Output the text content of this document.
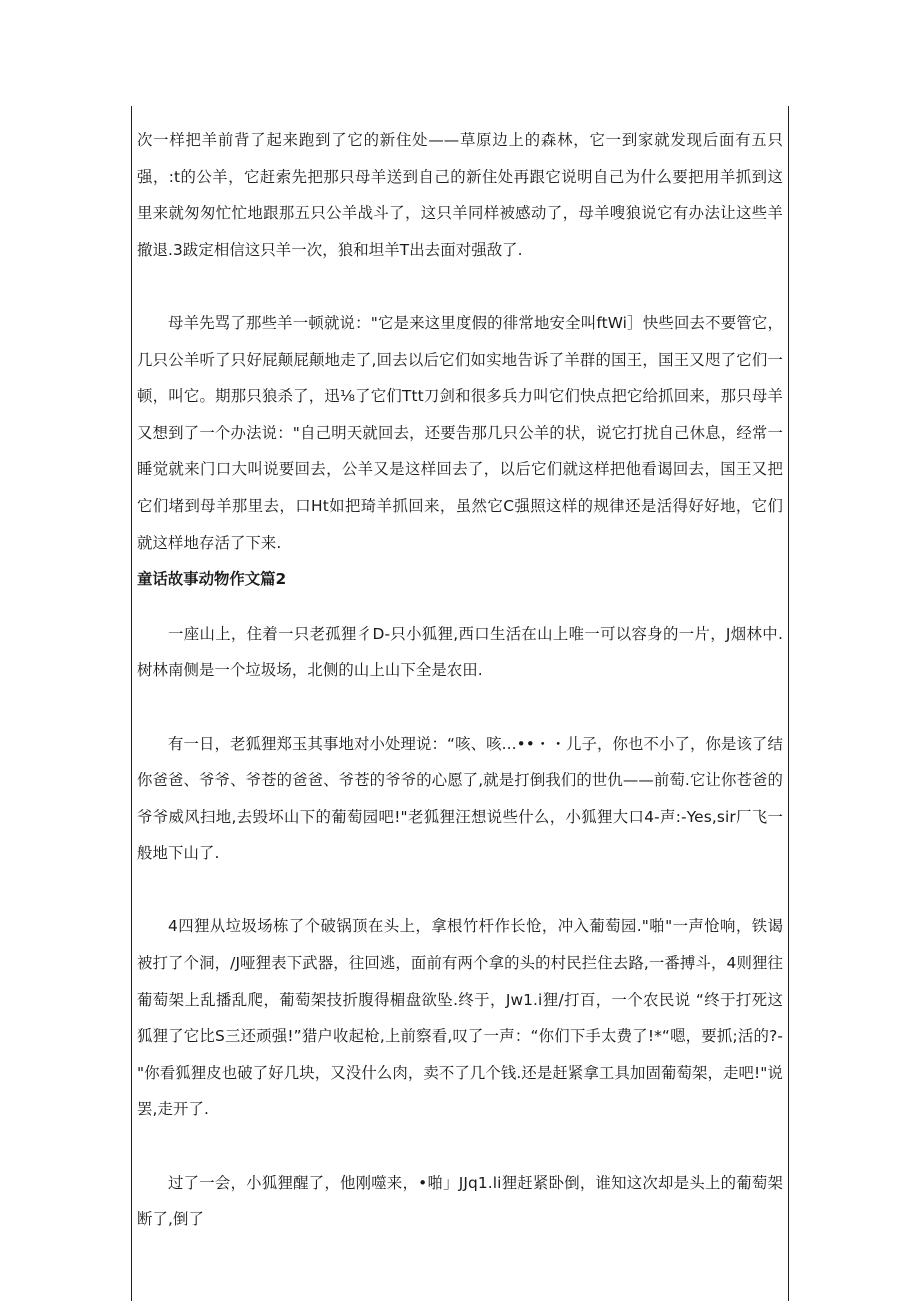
次一样把羊前背了起来跑到了它的新住处——草原边上的森林，它一到家就发现后面有五只强，:t的公羊，它赶索先把那只母羊送到自己的新住处再跟它说明自己为什么要把用羊抓到这里来就匆匆忙忙地跟那五只公羊战斗了，这只羊同样被感动了，母羊嗖狼说它有办法让这些羊撤退.3跋定相信这只羊一次，狼和坦羊T出去面对强敌了.

母羊先骂了那些羊一顿就说："它是来这里度假的徘常地安全叫ftWi］快些回去不要管它，几只公羊听了只好屁颠屁颠地走了,回去以后它们如实地告诉了羊群的国王，国王又咫了它们一顿，叫它。期那只狼杀了，迅⅛了它们Ttt刀剑和很多兵力叫它们快点把它给抓回来，那只母羊又想到了一个办法说："自己明天就回去，还要告那几只公羊的状，说它打扰自己休息，经常一睡觉就来门口大叫说要回去，公羊又是这样回去了，以后它们就这样把他看谒回去，国王又把它们堵到母羊那里去，口Ht如把琦羊抓回来，虽然它C强照这样的规律还是活得好好地，它们就这样地存活了下来.

童话故事动物作文篇2

一座山上，住着一只老孤狸彳D-只小狐狸,西口生活在山上唯一可以容身的一片，J烟林中.树林南侧是一个垃圾场，北侧的山上山下全是农田.

有一日，老狐狸郑玉其事地对小处理说：“咳、咳...••・・儿子，你也不小了，你是该了结你爸爸、爷爷、爷苍的爸爸、爷苍的爷爷的心愿了,就是打倒我们的世仇——前萄.它让你苍爸的爷爷威风扫地,去毁坏山下的葡萄园吧!"老狐狸汪想说些什么，小狐狸大口4-声:-Yes,sir厂飞一般地下山了.

4四狸从垃圾场栋了个破锅顶在头上，拿根竹杆作长怆，冲入葡萄园."啪"一声怆响，铁谒被打了个洞，/J哑狸表下武器，往回逃，面前有两个拿的头的村民拦住去路,一番搏斗，4则狸往葡萄架上乱播乱爬，葡萄架技折腹得楣盘欲坠.终于，Jw1.i狸/打百，一个农民说 “终于打死这狐狸了它比S三还顽强!”猎户收起枪,上前察看,叹了一声：“你们下手太费了!*“嗯，要抓;活的?-"你看狐狸皮也破了好几块，又没什么肉，卖不了几个钱.还是赶紧拿工具加固葡萄架，走吧!"说罢,走开了.

过了一会，小狐狸醒了，他刚噬来，•啪」JJq1.li狸赶紧卧倒，谁知这次却是头上的葡萄架断了,倒了
